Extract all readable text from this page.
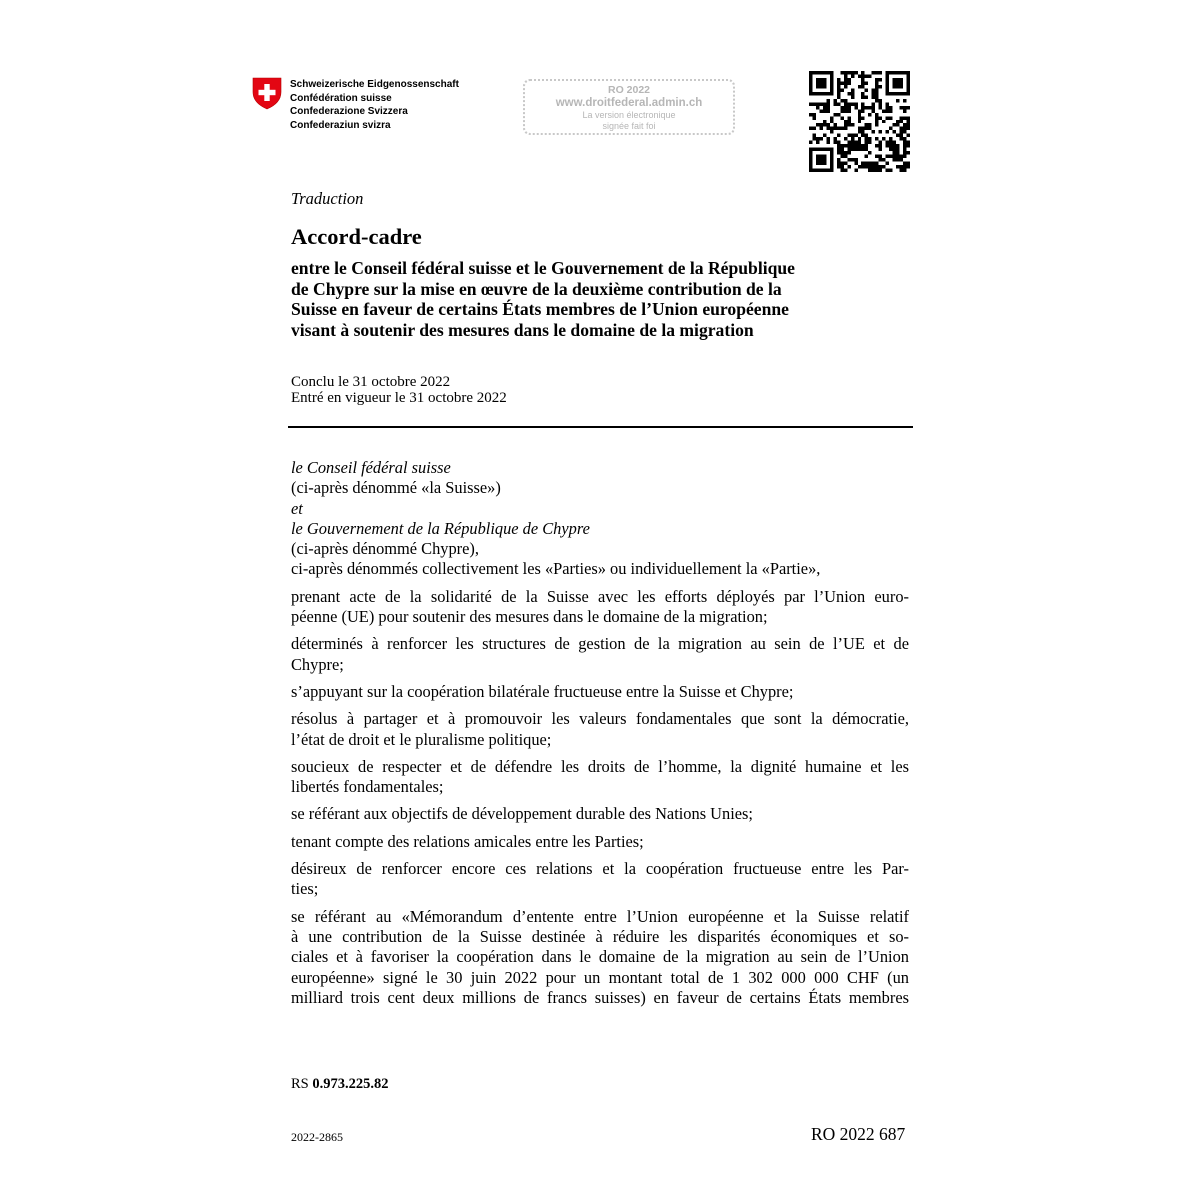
Schweizerische Eidgenossenschaft
Confédération suisse
Confederazione Svizzera
Confederaziun svizra
RO 2022
www.droitfederal.admin.ch
La version électronique
signée fait foi
Traduction
Accord-cadre
entre le Conseil fédéral suisse et le Gouvernement de la République
de Chypre sur la mise en œuvre de la deuxième contribution de la
Suisse en faveur de certains États membres de l’Union européenne
visant à soutenir des mesures dans le domaine de la migration
Conclu le 31 octobre 2022
Entré en vigueur le 31 octobre 2022
le Conseil fédéral suisse
(ci-après dénommé «la Suisse»)
et
le Gouvernement de la République de Chypre
(ci-après dénommé Chypre),
ci-après dénommés collectivement les «Parties» ou individuellement la «Partie»,
prenant acte de la solidarité de la Suisse avec les efforts déployés par l’Union euro-
péenne (UE) pour soutenir des mesures dans le domaine de la migration;
déterminés à renforcer les structures de gestion de la migration au sein de l’UE et de
Chypre;
s’appuyant sur la coopération bilatérale fructueuse entre la Suisse et Chypre;
résolus à partager et à promouvoir les valeurs fondamentales que sont la démocratie,
l’état de droit et le pluralisme politique;
soucieux de respecter et de défendre les droits de l’homme, la dignité humaine et les
libertés fondamentales;
se référant aux objectifs de développement durable des Nations Unies;
tenant compte des relations amicales entre les Parties;
désireux de renforcer encore ces relations et la coopération fructueuse entre les Par-
ties;
se référant au «Mémorandum d’entente entre l’Union européenne et la Suisse relatif
à une contribution de la Suisse destinée à réduire les disparités économiques et so-
ciales et à favoriser la coopération dans le domaine de la migration au sein de l’Union
européenne» signé le 30 juin 2022 pour un montant total de 1 302 000 000 CHF (un
milliard trois cent deux millions de francs suisses) en faveur de certains États membres
RS 0.973.225.82
2022-2865	RO 2022 687
